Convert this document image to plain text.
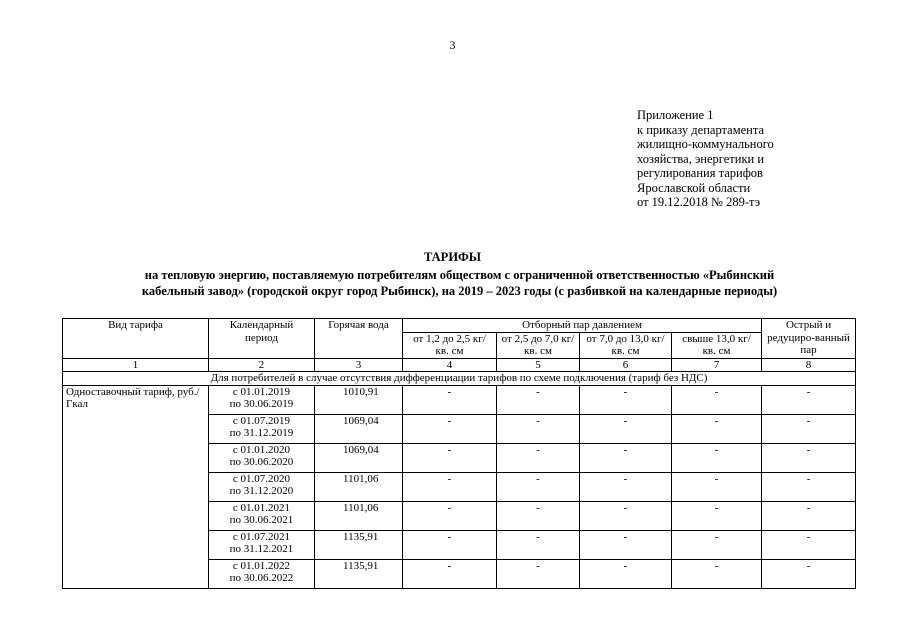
3
Приложение 1
к приказу департамента
жилищно-коммунального
хозяйства, энергетики и
регулирования тарифов
Ярославской области
от 19.12.2018 № 289-тэ
ТАРИФЫ
на тепловую энергию, поставляемую потребителям обществом с ограниченной ответственностью «Рыбинский
кабельный завод» (городской округ город Рыбинск), на 2019 – 2023 годы (с разбивкой на календарные периоды)
Вид тарифа	Календарный период	Горячая вода	Отборный пар давлением				Острый и редуциро-ванный пар
			от 1,2 до 2,5 кг/ кв. см	от 2,5 до 7,0 кг/ кв. см	от 7,0 до 13,0 кг/ кв. см	свыше 13,0 кг/ кв. см	
1	2	3	4	5	6	7	8
Для потребителей в случае отсутствия дифференциации тарифов по схеме подключения (тариф без НДС)							
Одноставочный тариф, руб./Гкал	с 01.01.2019
по 30.06.2019	1010,91	-	-	-	-	-

	с 01.07.2019
по 31.12.2019	1069,04	-	-	-	-	-

	с 01.01.2020
по 30.06.2020	1069,04	-	-	-	-	-

	с 01.07.2020
по 31.12.2020	1101,06	-	-	-	-	-

	с 01.01.2021
по 30.06.2021	1101,06	-	-	-	-	-

	с 01.07.2021
по 31.12.2021	1135,91	-	-	-	-	-

	с 01.01.2022
по 30.06.2022	1135,91	-	-	-	-	-
